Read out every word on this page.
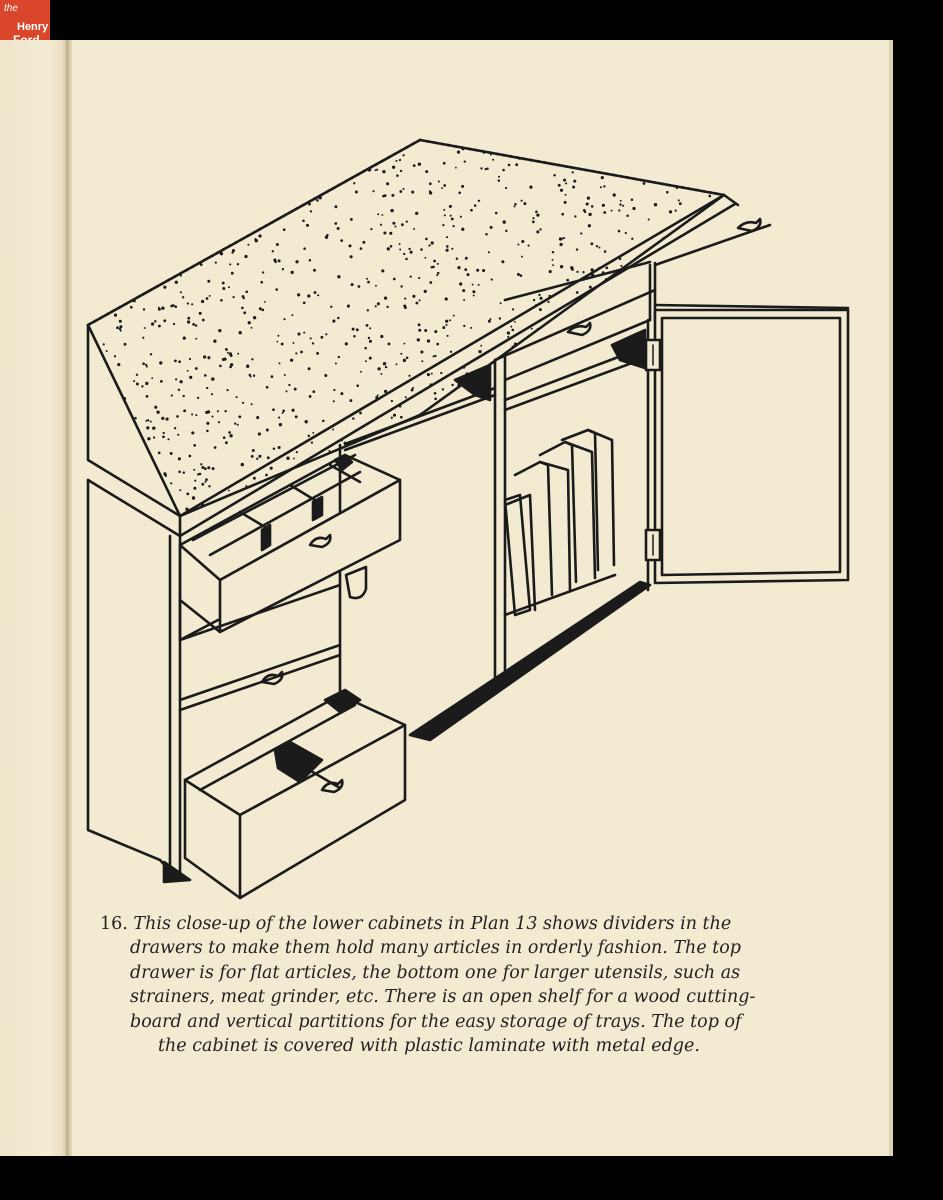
the
Henry
16. This close-up of the lower cabinets in Plan 13 shows dividers in the
drawers to make them hold many articles in orderly fashion. The top
drawer is for flat articles, the bottom one for larger utensils, such as
strainers, meat grinder, etc. There is an open shelf for a wood cutting-
board and vertical partitions for the easy storage of trays. The top of
the cabinet is covered with plastic laminate with metal edge.
